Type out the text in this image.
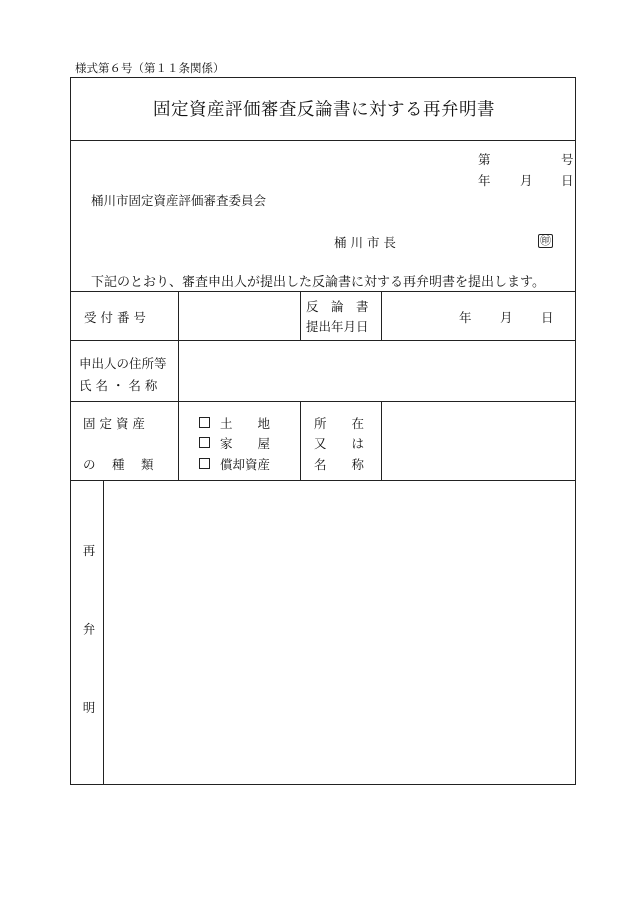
様式第６号（第１１条関係）
固定資産評価審査反論書に対する再弁明書
第	号
年 月 日
桶川市固定資産評価審査委員会
桶 川 市 長	㊞
下記のとおり、審査申出人が提出した反論書に対する再弁明書を提出します。
受 付 番 号
反　論　書
提出年月日
年 月 日
申出人の住所等
氏 名 ・ 名 称
固 定 資 産
の　 種　 類
土　　地
家　　屋
償却資産
所　　在
又　　は
名　　称
再弁明
